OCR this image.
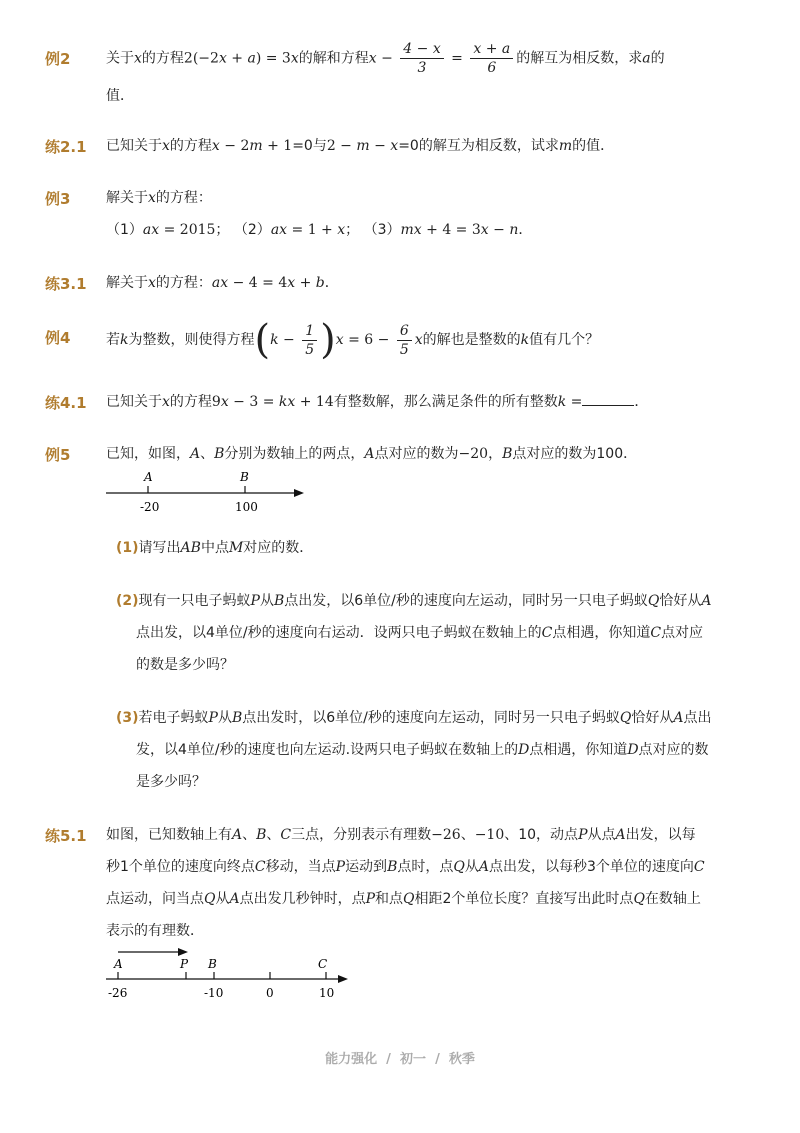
例2	关于x的方程2(−2x + a) = 3x的解和方程$x - \frac{4 - x}{3} = \frac{x + a}{6}$ 的解互为相反数，求a的
值．
练2.1 已知关于x的方程x − 2m + 1=0与2 − m − x=0的解互为相反数，试求m的值．
例3	解关于x的方程：
（1）ax = 2015； （2）ax = 1 + x； （3）mx + 4 = 3x − n．
练3.1 解关于x的方程：ax − 4 = 4x + b．
例4	若k为整数，则使得方程$(k - \frac{1}{5} )x = 6 - \frac{6}{5}$ x的解也是整数的k值有几个？
练4.1 已知关于x的方程9x − 3 = kx + 14有整数解，那么满足条件的所有整数k =	．
例5	已知，如图，A、B分别为数轴上的两点，A点对应的数为−20，B点对应的数为100．
A	B
-20	100
(1)请写出AB中点M对应的数．
(2)现有一只电子蚂蚁P从B点出发，以6单位/秒的速度向左运动，同时另一只电子蚂蚁Q恰好从A
点出发，以4单位/秒的速度向右运动．设两只电子蚂蚁在数轴上的C点相遇，你知道C点对应
的数是多少吗？
(3)若电子蚂蚁P从B点出发时，以6单位/秒的速度向左运动，同时另一只电子蚂蚁Q恰好从A点出
发，以4单位/秒的速度也向左运动.设两只电子蚂蚁在数轴上的D点相遇，你知道D点对应的数
是多少吗？
练5.1 如图，已知数轴上有A、B、C三点，分别表示有理数−26、−10、10，动点P从点A出发，以每
秒1个单位的速度向终点C移动，当点P运动到B点时，点Q从A点出发，以每秒3个单位的速度向C
点运动，问当点Q从A点出发几秒钟时，点P和点Q相距2个单位长度？直接写出此时点Q在数轴上
表示的有理数．
A	P B	C
-26	-10	0	10
能力强化 / 初一 / 秋季
